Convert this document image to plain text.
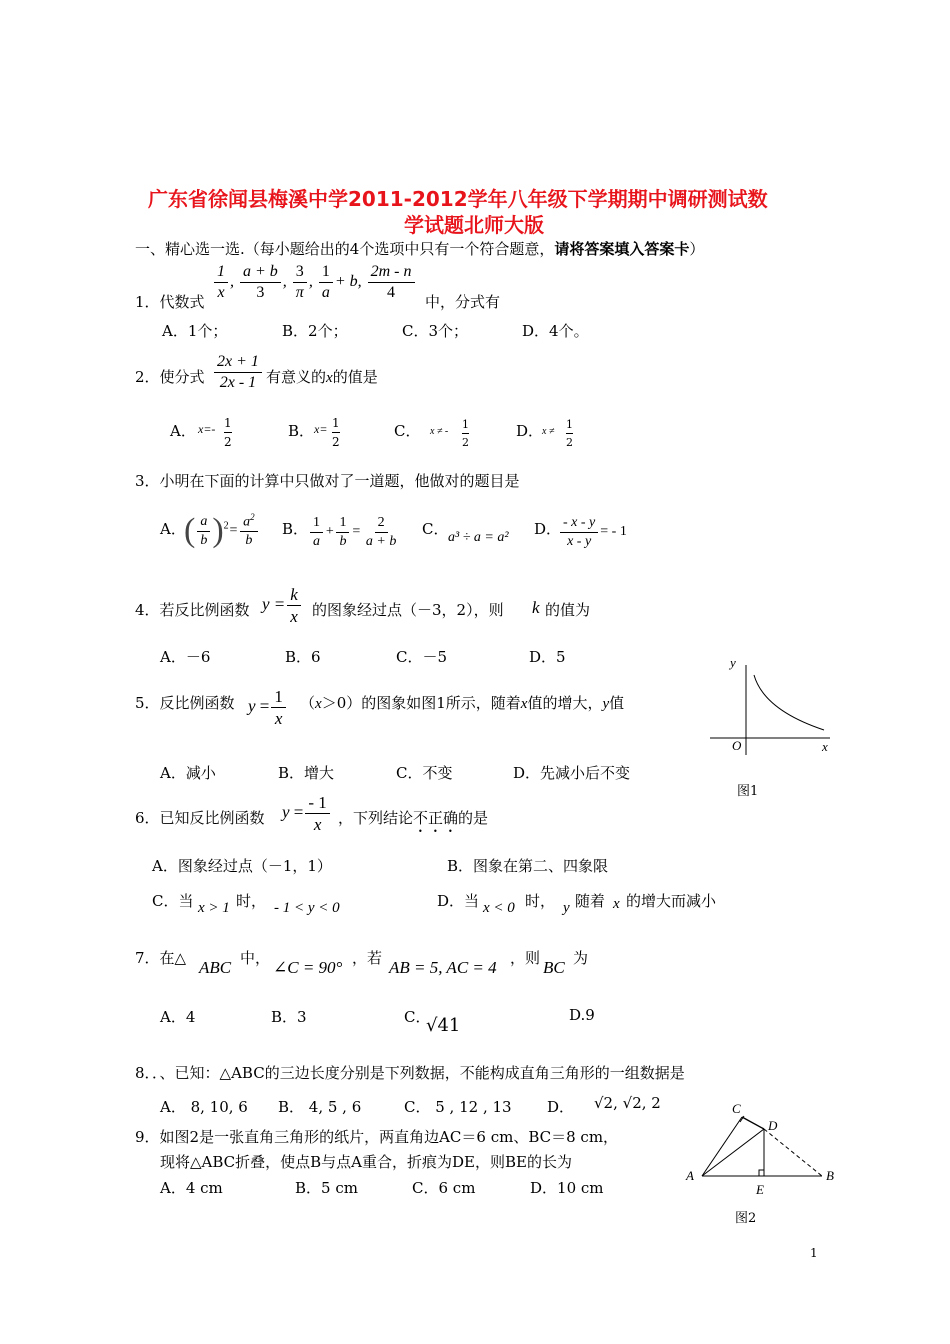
广东省徐闻县梅溪中学2011-2012学年八年级下学期期中调研测试数
学试题北师大版
一、精心选一选.（每小题给出的4个选项中只有一个符合题意，请将答案填入答案卡）
$\frac{1}{x}$ , $\frac{a + b}{3}$ , $\frac{3}{\pi}$ , $\frac{1}{a} + b$, $\frac{2m - n}{4}$
1．代数式	中，分式有
A．1个；	B．2个；	C．3个；	D．4个。
2．使分式 $\frac{2x + 1}{2x - 1}$ 有意义的x的值是
A． $x=- \frac{1}{2}$	B． $x= \frac{1}{2}$	C． x ≠ - $\frac{1}{2}$	D．
$x \ne \frac{1}{2}$
3．小明在下面的计算中只做对了一道题，他做对的题目是
A．
( $\frac{a}{b} )^2= \frac{a^2}{b}$ B． $\frac{1}{a} + \frac{1}{b} = \frac{2}{a + b}$ C． a³ ÷ a = a² D．
$\frac{- x - y}{x - y}$ = - 1
4．若反比例函数 $y = \frac{k}{x}$ 的图象经过点（－3，2），则 k 的值为
A．－6	B．6	C．－5	D．5
5．反比例函数 $y = \frac{1}{x} (x>0)$的图象如图1所示，随着x值的增大，y值
A．减小	B．增大	C．不变	D．先减小后不变
y
x
O
图1
6．已知反比例函数 $y = \frac{- 1}{x}$ ，下列结论不正确的是
A．图象经过点（－1，1）	B．图象在第二、四象限
C．当 x > 1 时， - 1 < y < 0	D．当 x < 0 时， y 随着 x 的增大而减小
7．在△ ABC 中， ∠C = 90° ，若 AB = 5, AC = 4 ，则 BC 为
A．4	B．3	C．
√41	D.9
8．．、已知：△ABC的三边长度分别是下列数据，不能构成直角三角形的一组数据是
A． 8, 10, 6 B． 4, 5 , 6	C． 5 , 12 , 13 D． √2, √2, 2
9．如图2是一张直角三角形的纸片，两直角边AC＝6 cm、BC＝8 cm，
现将△ABC折叠，使点B与点A重合，折痕为DE，则BE的长为
A．4 cm	B．5 cm	C．6 cm	D．10 cm
A	B
C
D
E
图2
1
